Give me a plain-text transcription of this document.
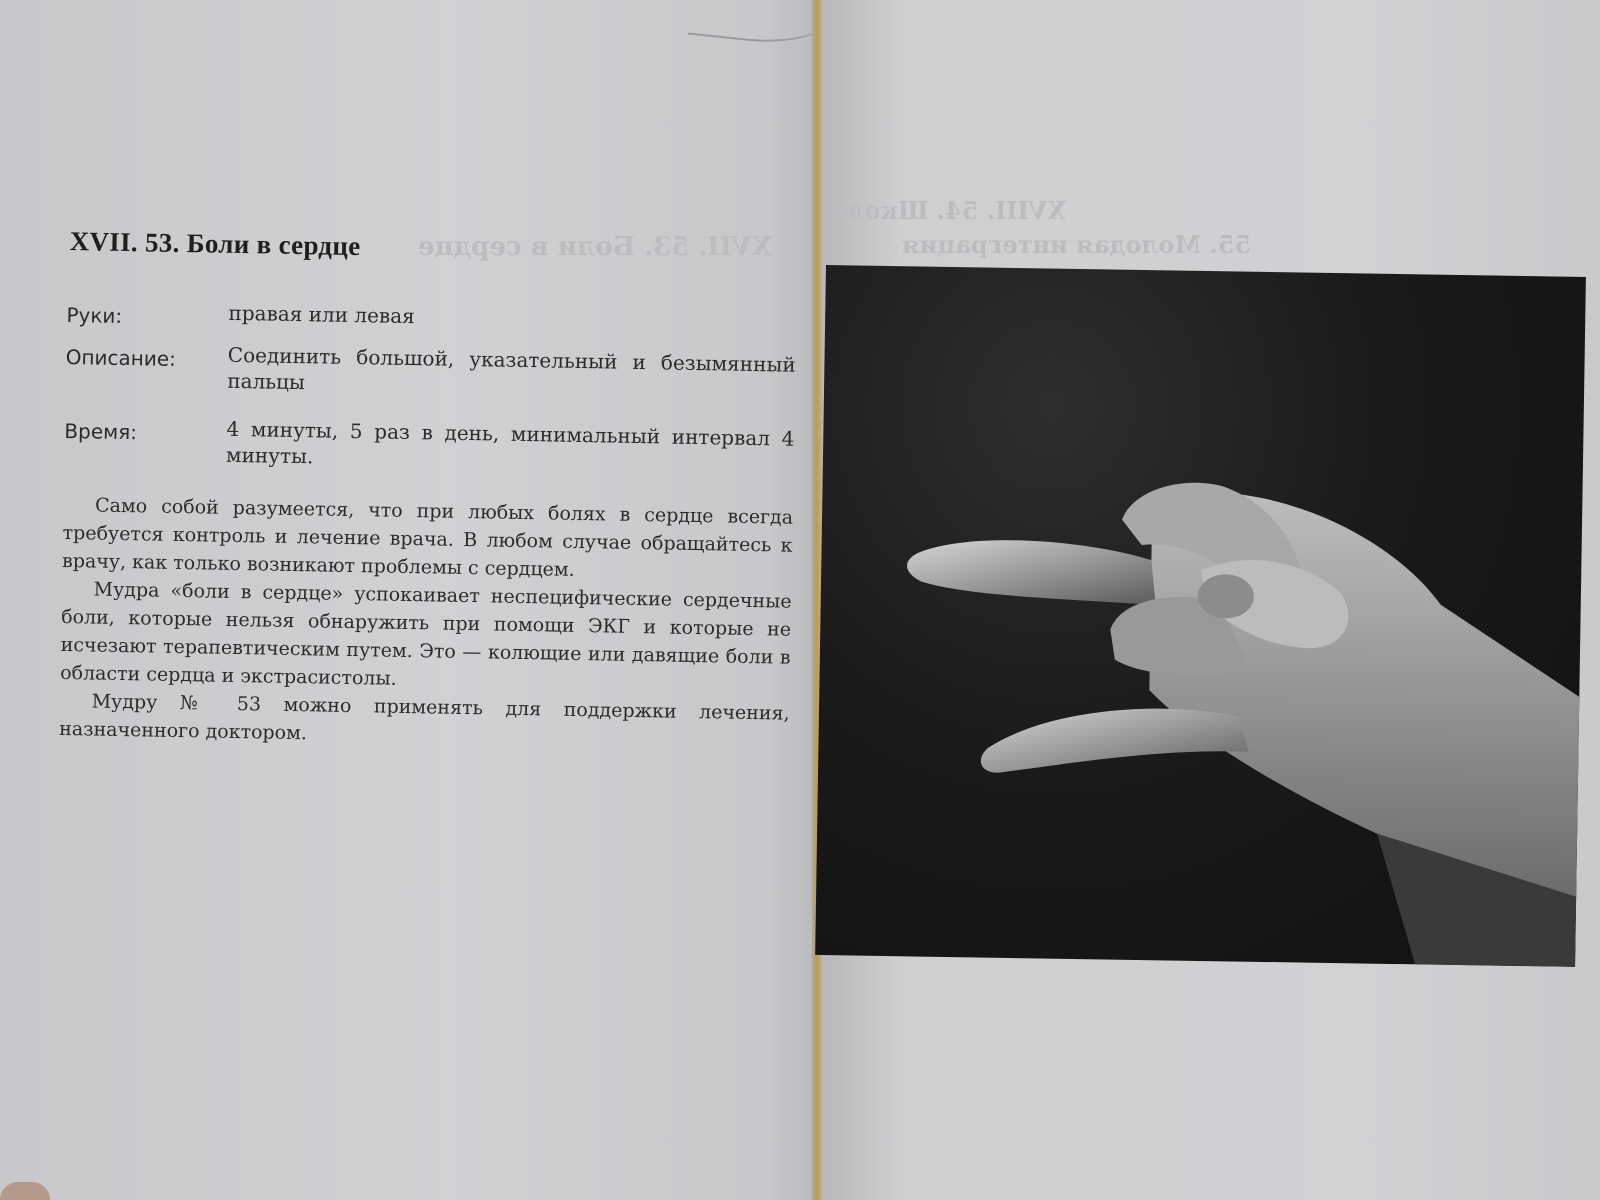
XVII. 53. Боли в сердце
Руки:	правая или левая
Описание:	Соединить большой, указательный и безымянный пальцы
Время:	4 минуты, 5 раз в день, минимальный интервал 4 минуты.

Само собой разумеется, что при любых болях в сердце всегда требуется контроль и лечение врача. В любом случае обращайтесь к врачу, как только возникают проблемы с сердцем.

Мудра «боли в сердце» успокаивает неспецифические сердечные боли, которые нельзя обнаружить при помощи ЭКГ и которые не исчезают терапевтическим путем. Это — колющие или давящие боли в области сердца и экстрасистолы.

Мудру № 53 можно применять для поддержки лечения, назначенного доктором.

XVII. 53. Боли в сердце
XVIII. 54. Школа
55. Молодая интеграция
